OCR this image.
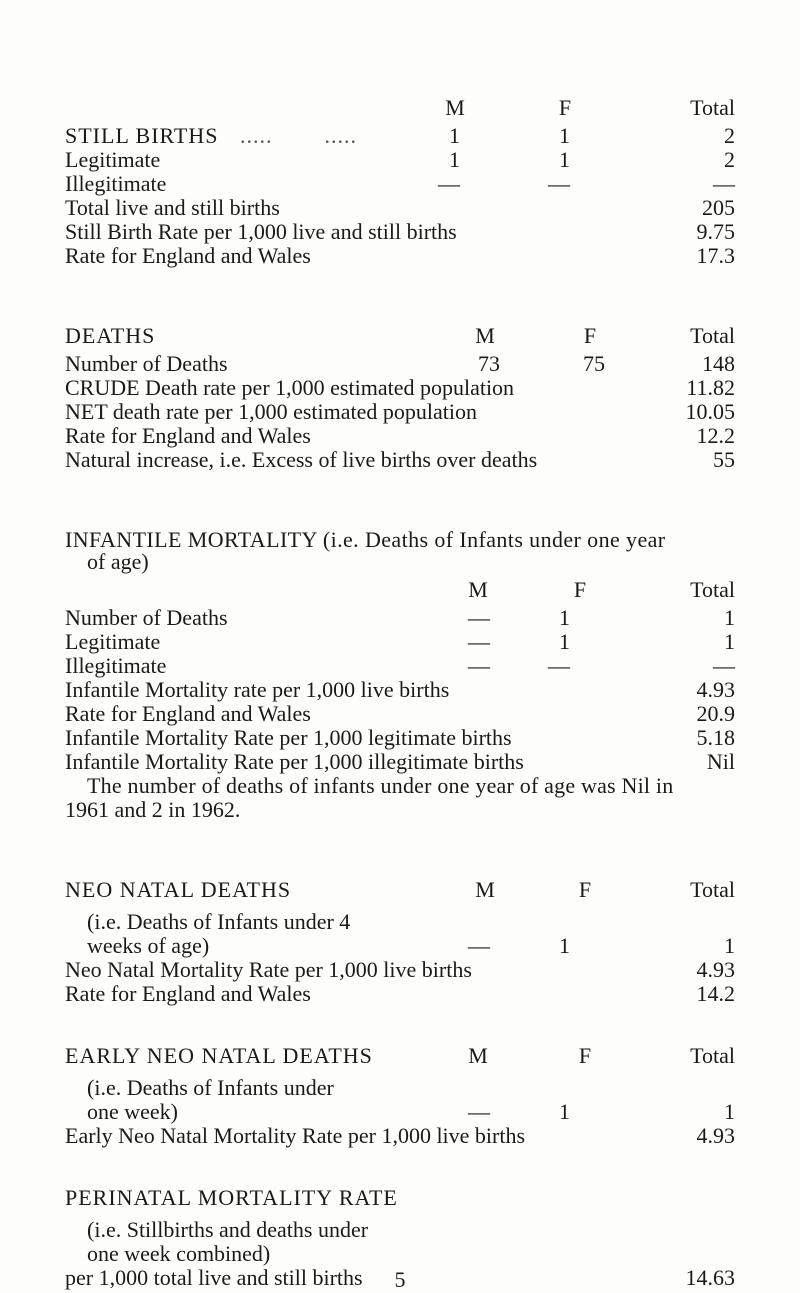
M	F	Total
STILL BIRTHS .....        .....	1	1	2
Legitimate	1	1	2
Illegitimate	—	—	—
Total live and still births	205
Still Birth Rate per 1,000 live and still births	9.75
Rate for England and Wales	17.3
DEATHS	M	F	Total
Number of Deaths	73	75	148
CRUDE Death rate per 1,000 estimated population	11.82
NET death rate per 1,000 estimated population	10.05
Rate for England and Wales	12.2
Natural increase, i.e. Excess of live births over deaths	55
INFANTILE MORTALITY (i.e. Deaths of Infants under one year
of age)
M	F	Total
Number of Deaths	—	1	1
Legitimate	—	1	1
Illegitimate	—	—	—
Infantile Mortality rate per 1,000 live births	4.93
Rate for England and Wales	20.9
Infantile Mortality Rate per 1,000 legitimate births	5.18
Infantile Mortality Rate per 1,000 illegitimate births	Nil
The number of deaths of infants under one year of age was Nil in
1961 and 2 in 1962.
NEO NATAL DEATHS	M	F	Total
(i.e. Deaths of Infants under 4
weeks of age)	—	1	1
Neo Natal Mortality Rate per 1,000 live births	4.93
Rate for England and Wales	14.2
EARLY NEO NATAL DEATHS	M	F	Total
(i.e. Deaths of Infants under
one week)	—	1	1
Early Neo Natal Mortality Rate per 1,000 live births	4.93
PERINATAL MORTALITY RATE
(i.e. Stillbirths and deaths under
one week combined)
per 1,000 total live and still births	14.63
5
